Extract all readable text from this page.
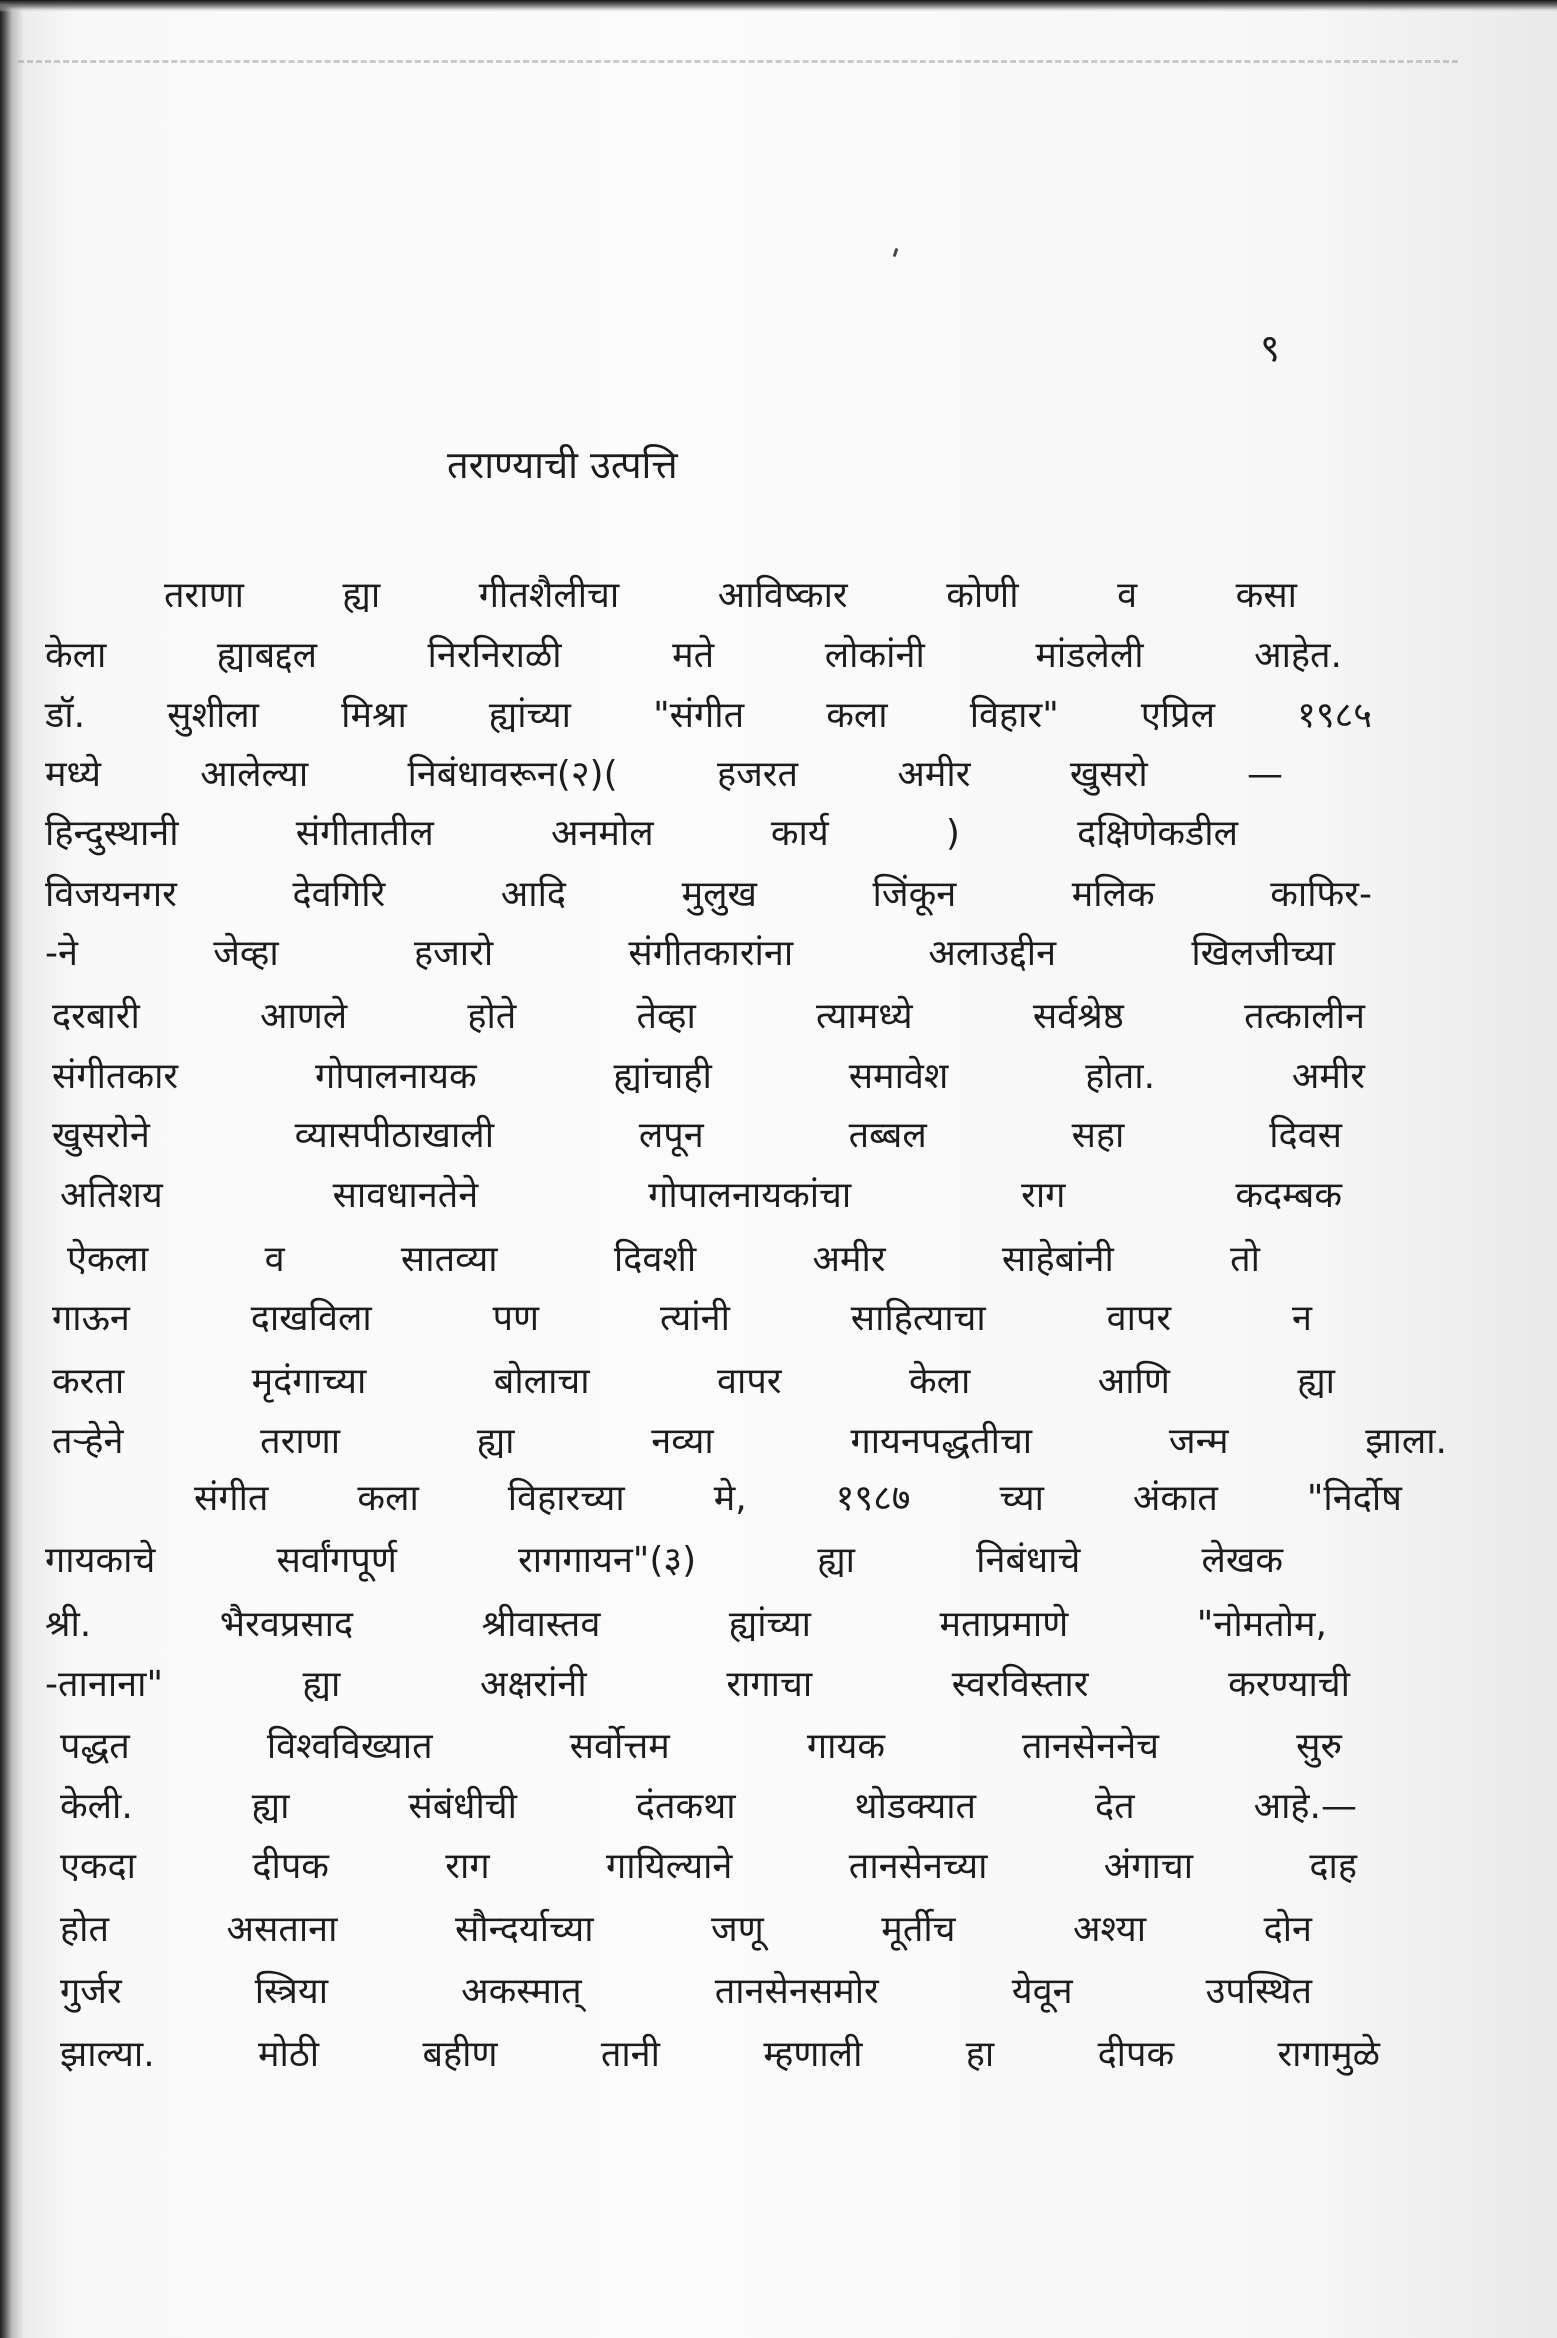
९
तराण्याची उत्पत्ति
तराणा ह्या गीतशैलीचा आविष्कार कोणी व कसा
केला ह्याबद्दल निरनिराळी मते लोकांनी मांडलेली आहेत.
डॉ. सुशीला मिश्रा ह्यांच्या "संगीत कला विहार" एप्रिल १९८५
मध्ये आलेल्या निबंधावरून(२)( हजरत अमीर खुसरो —
हिन्दुस्थानी संगीतातील अनमोल कार्य ) दक्षिणेकडील
विजयनगर देवगिरि आदि मुलुख जिंकून मलिक काफिर-
-ने जेव्हा हजारो संगीतकारांना अलाउद्दीन खिलजीच्या
दरबारी आणले होते तेव्हा त्यामध्ये सर्वश्रेष्ठ तत्कालीन
संगीतकार गोपालनायक ह्यांचाही समावेश होता. अमीर
खुसरोने व्यासपीठाखाली लपून तब्बल सहा दिवस
अतिशय सावधानतेने गोपालनायकांचा राग कदम्बक
ऐकला व सातव्या दिवशी अमीर साहेबांनी तो
गाऊन दाखविला पण त्यांनी साहित्याचा वापर न
करता मृदंगाच्या बोलाचा वापर केला आणि ह्या
तऱ्हेने तराणा ह्या नव्या गायनपद्धतीचा जन्म झाला.
संगीत कला विहारच्या मे, १९८७ च्या अंकात "निर्दोष
गायकाचे सर्वांगपूर्ण रागगायन"(३) ह्या निबंधाचे लेखक
श्री. भैरवप्रसाद श्रीवास्तव ह्यांच्या मताप्रमाणे "नोमतोम,
-तानाना" ह्या अक्षरांनी रागाचा स्वरविस्तार करण्याची
पद्धत विश्वविख्यात सर्वोत्तम गायक तानसेननेच सुरु
केली. ह्या संबंधीची दंतकथा थोडक्यात देत आहे.—
एकदा दीपक राग गायिल्याने तानसेनच्या अंगाचा दाह
होत असताना सौन्दर्याच्या जणू मूर्तीच अश्या दोन
गुर्जर स्त्रिया अकस्मात् तानसेनसमोर येवून उपस्थित
झाल्या. मोठी बहीण तानी म्हणाली हा दीपक रागामुळे
